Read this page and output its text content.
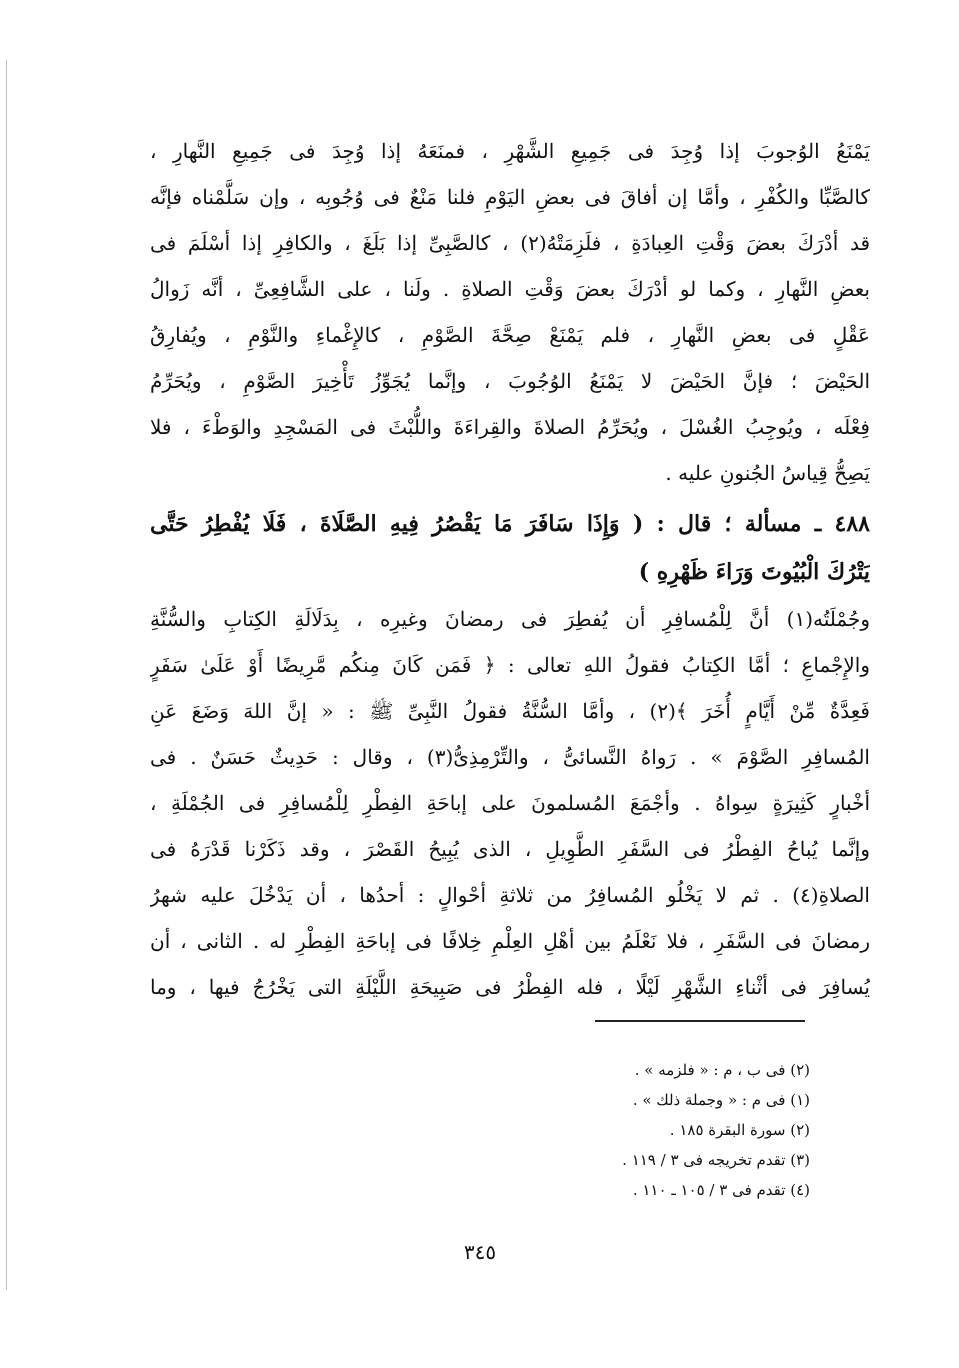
يَمْنَعُ الوُجوبَ إذا وُجِدَ فى جَمِيعِ الشَّهْرِ ، فمنَعَهُ إذا وُجِدَ فى جَمِيعِ النَّهارِ ،
كالصَّبِّا والكُفْرِ ، وأمَّا إن أفاقَ فى بعضِ اليَوْمِ فلنا مَنْعٌ فى وُجُوبِه ، وإن سَلَّمْناه فإنَّه
قد أدْرَكَ بعضَ وَقْتِ العِبادَةِ ، فلَزِمَتْهُ(٢) ، كالصَّبِىِّ إذا بَلَغَ ، والكافِرِ إذا أسْلَمَ فى
بعضِ النَّهارِ ، وكما لو أدْرَكَ بعضَ وَقْتِ الصلاةِ . ولَنا ، على الشَّافِعِىِّ ، أنَّه زَوالُ
عَقْلٍ فى بعضِ النَّهارِ ، فلم يَمْنَعْ صِحَّةَ الصَّوْمِ ، كالإِغْماءِ والنَّوْمِ ، ويُفارِقُ
الحَيْضَ ؛ فإنَّ الحَيْضَ لا يَمْنَعُ الوُجُوبَ ، وإنَّما يُجَوِّزُ تَأْخِيرَ الصَّوْمِ ، ويُحَرِّمُ
فِعْلَه ، ويُوجِبُ الغُسْلَ ، ويُحَرِّمُ الصلاةَ والقِراءَةَ واللُّبْثَ فى المَسْجِدِ والوَطْءَ ، فلا
يَصِحُّ قِياسُ الجُنونِ عليه .
٤٨٨ ـ مسألة ؛ قال : ( وَإِذَا سَافَرَ مَا يَقْصُرُ فِيهِ الصَّلَاةَ ، فَلَا يُفْطِرُ حَتَّى
يَتْرُكَ الْبُيُوتَ وَرَاءَ ظَهْرِهِ )
وجُمْلَتُه(١) أنَّ لِلْمُسافِرِ أن يُفطِرَ فى رمضانَ وغيرِه ، بِدَلَالَةِ الكِتابِ والسُّنَّةِ
والإِجْماعِ ؛ أمَّا الكِتابُ فقولُ اللهِ تعالى : ﴿ فَمَن كَانَ مِنكُم مَّرِيضًا أَوْ عَلَىٰ سَفَرٍ
فَعِدَّةٌ مِّنْ أَيَّامٍ أُخَرَ ﴾(٢) ، وأمَّا السُّنَّةُ فقولُ النَّبِىِّ ﷺ : « إنَّ اللهَ وَضَعَ عَنِ
المُسافِرِ الصَّوْمَ » . رَواهُ النَّسائىُّ ، والتِّرْمِذِىُّ(٣) ، وقال : حَدِيثٌ حَسَنٌ . فى
أخْبارٍ كَثِيرَةٍ سِواهُ . وأجْمَعَ المُسلمونَ على إباحَةِ الفِطْرِ لِلْمُسافِرِ فى الجُمْلَةِ ،
وإنَّما يُباحُ الفِطْرُ فى السَّفَرِ الطَّوِيلِ ، الذى يُبِيحُ القَصْرَ ، وقد ذَكَرْنا قَدْرَهُ فى
الصلاةِ(٤) . ثم لا يَخْلُو المُسافِرُ من ثلاثةِ أحْوالٍ : أحدُها ، أن يَدْخُلَ عليه شهرُ
رمضانَ فى السَّفَرِ ، فلا نَعْلَمُ بين أهْلِ العِلْمِ خِلافًا فى إباحَةِ الفِطْرِ له . الثانى ، أن
يُسافِرَ فى أثْناءِ الشَّهْرِ لَيْلًا ، فله الفِطْرُ فى صَبِيحَةِ اللَّيْلَةِ التى يَخْرُجُ فيها ، وما
(٢) فى ب ، م : « فلزمه » .
(١) فى م : « وجملة ذلك » .
(٢) سورة البقرة ١٨٥ .
(٣) تقدم تخريجه فى ٣ / ١١٩ .
(٤) تقدم فى ٣ / ١٠٥ ـ ١١٠ .
٣٤٥
